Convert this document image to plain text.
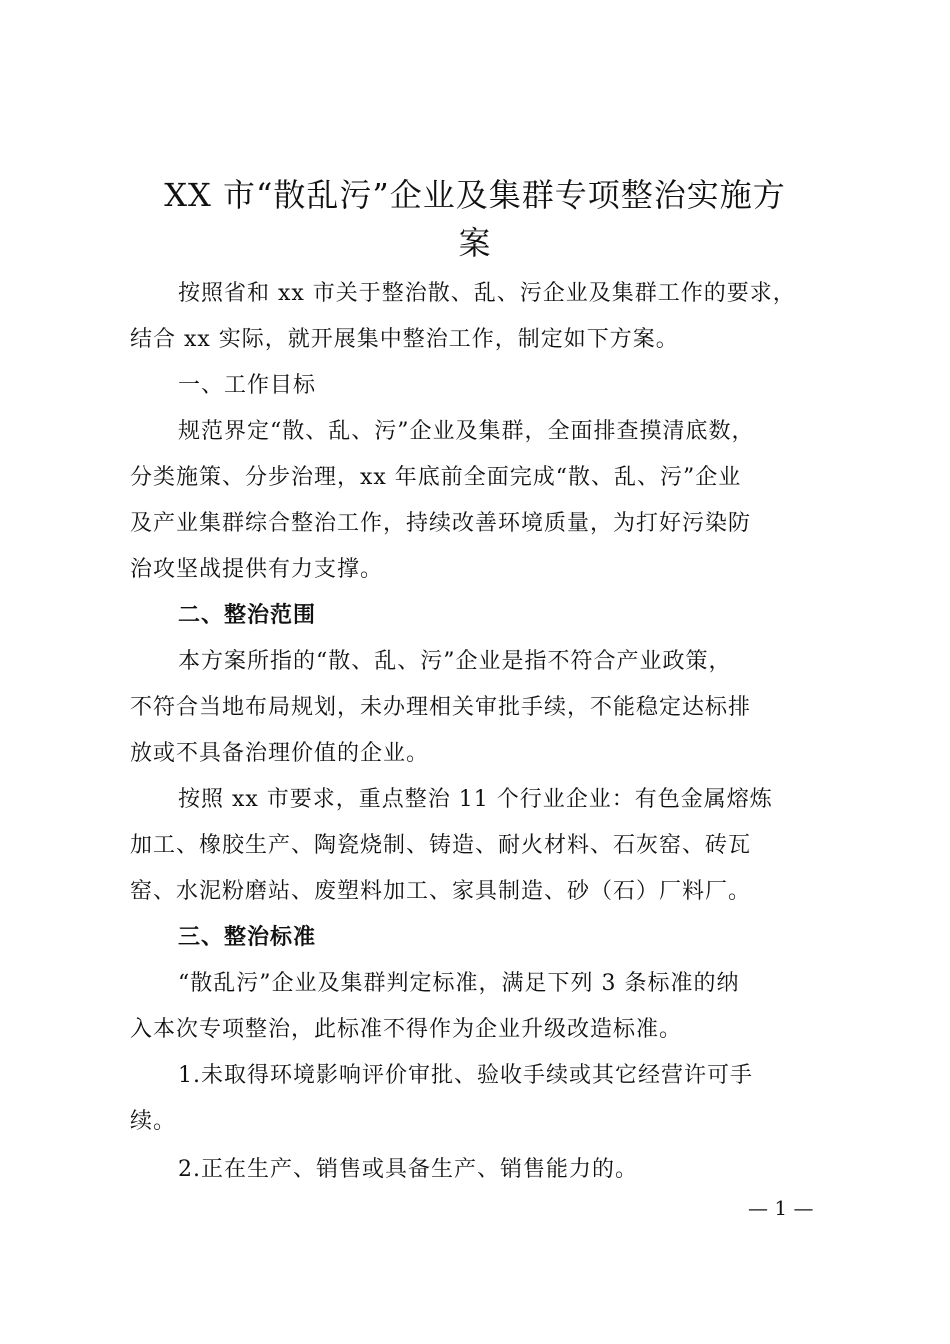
XX 市“散乱污”企业及集群专项整治实施方
案

按照省和 xx 市关于整治散、乱、污企业及集群工作的要求，

结合 xx 实际，就开展集中整治工作，制定如下方案。

一、工作目标

规范界定“散、乱、污”企业及集群，全面排查摸清底数，

分类施策、分步治理，xx 年底前全面完成“散、乱、污”企业

及产业集群综合整治工作，持续改善环境质量，为打好污染防

治攻坚战提供有力支撑。

二、整治范围

本方案所指的“散、乱、污”企业是指不符合产业政策，

不符合当地布局规划，未办理相关审批手续，不能稳定达标排

放或不具备治理价值的企业。

按照 xx 市要求，重点整治 11 个行业企业：有色金属熔炼

加工、橡胶生产、陶瓷烧制、铸造、耐火材料、石灰窑、砖瓦

窑、水泥粉磨站、废塑料加工、家具制造、砂（石）厂料厂。

三、整治标准

“散乱污”企业及集群判定标准，满足下列 3 条标准的纳

入本次专项整治，此标准不得作为企业升级改造标准。

1.未取得环境影响评价审批、验收手续或其它经营许可手

续。

2.正在生产、销售或具备生产、销售能力的。

— 1 —
